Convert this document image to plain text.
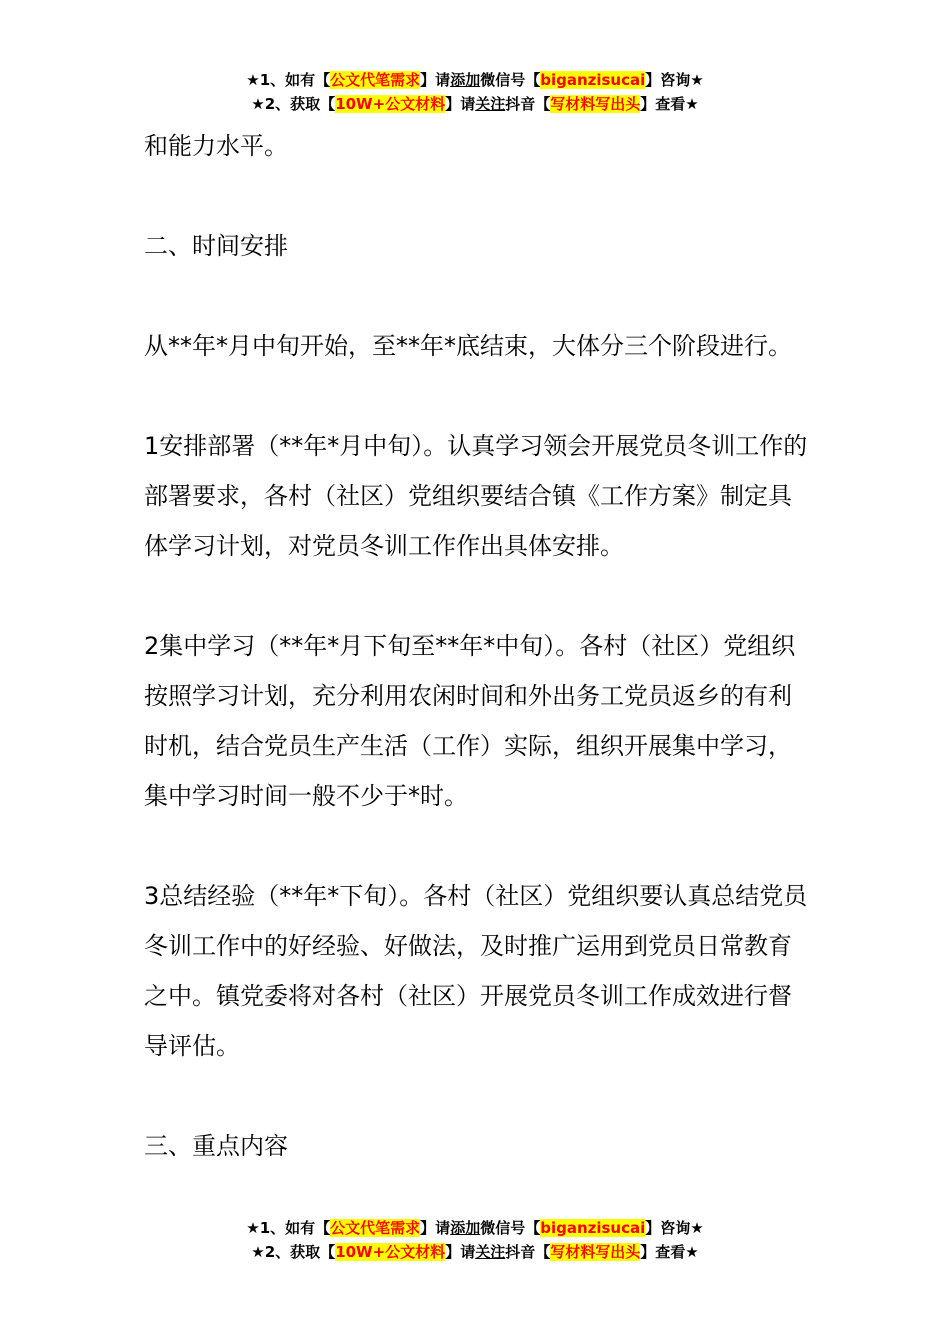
★1、如有【公文代笔需求】请添加微信号【biganzisucai】咨询★
★2、获取【10W+公文材料】请关注抖音【写材料写出头】查看★

和能力水平。

二、时间安排

从**年*月中旬开始，至**年*底结束，大体分三个阶段进行。

1安排部署（**年*月中旬）。认真学习领会开展党员冬训工作的部署要求，各村（社区）党组织要结合镇《工作方案》制定具体学习计划，对党员冬训工作作出具体安排。

2集中学习（**年*月下旬至**年*中旬）。各村（社区）党组织按照学习计划，充分利用农闲时间和外出务工党员返乡的有利时机，结合党员生产生活（工作）实际，组织开展集中学习，集中学习时间一般不少于*时。

3总结经验（**年*下旬）。各村（社区）党组织要认真总结党员冬训工作中的好经验、好做法，及时推广运用到党员日常教育之中。镇党委将对各村（社区）开展党员冬训工作成效进行督导评估。

三、重点内容

★1、如有【公文代笔需求】请添加微信号【biganzisucai】咨询★
★2、获取【10W+公文材料】请关注抖音【写材料写出头】查看★
